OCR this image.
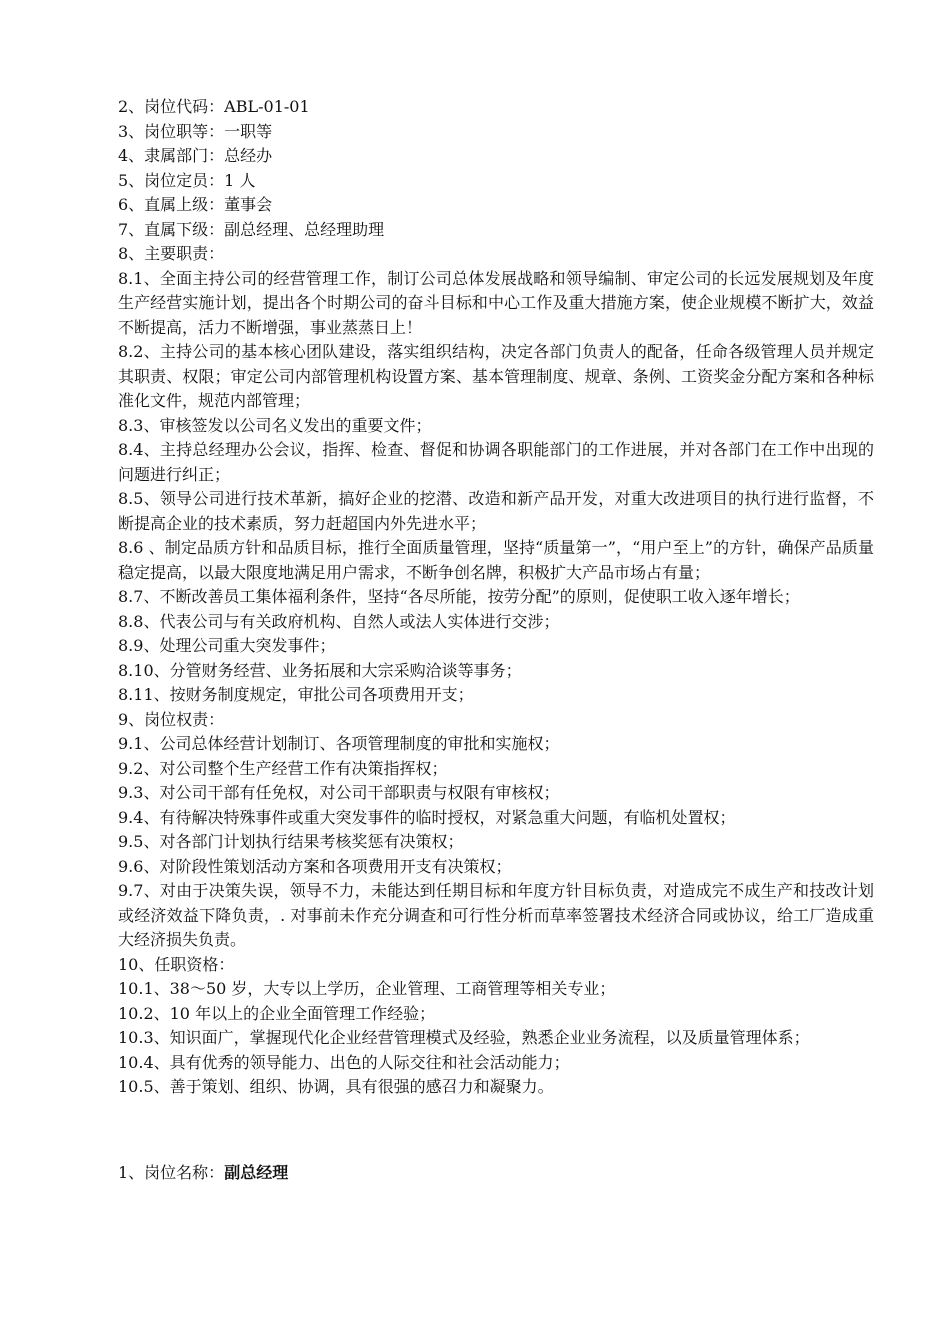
2、岗位代码：ABL-01-01

3、岗位职等：一职等

4、隶属部门：总经办

5、岗位定员：1 人

6、直属上级：董事会

7、直属下级：副总经理、总经理助理

8、主要职责：

8.1、全面主持公司的经营管理工作，制订公司总体发展战略和领导编制、审定公司的长远发展规划及年度生产经营实施计划，提出各个时期公司的奋斗目标和中心工作及重大措施方案，使企业规模不断扩大，效益不断提高，活力不断增强，事业蒸蒸日上！

8.2、主持公司的基本核心团队建设，落实组织结构，决定各部门负责人的配备，任命各级管理人员并规定其职责、权限；审定公司内部管理机构设置方案、基本管理制度、规章、条例、工资奖金分配方案和各种标准化文件，规范内部管理；

8.3、审核签发以公司名义发出的重要文件；

8.4、主持总经理办公会议，指挥、检查、督促和协调各职能部门的工作进展，并对各部门在工作中出现的问题进行纠正；

8.5、领导公司进行技术革新，搞好企业的挖潜、改造和新产品开发，对重大改进项目的执行进行监督，不断提高企业的技术素质，努力赶超国内外先进水平；

8.6 、制定品质方针和品质目标，推行全面质量管理，坚持“质量第一”，“用户至上”的方针，确保产品质量稳定提高，以最大限度地满足用户需求，不断争创名牌，积极扩大产品市场占有量；

8.7、不断改善员工集体福利条件，坚持“各尽所能，按劳分配”的原则，促使职工收入逐年增长；

8.8、代表公司与有关政府机构、自然人或法人实体进行交涉；

8.9、处理公司重大突发事件；

8.10、分管财务经营、业务拓展和大宗采购洽谈等事务；

8.11、按财务制度规定，审批公司各项费用开支；

9、岗位权责：

9.1、公司总体经营计划制订、各项管理制度的审批和实施权；

9.2、对公司整个生产经营工作有决策指挥权；

9.3、对公司干部有任免权，对公司干部职责与权限有审核权；

9.4、有待解决特殊事件或重大突发事件的临时授权，对紧急重大问题，有临机处置权；

9.5、对各部门计划执行结果考核奖惩有决策权；

9.6、对阶段性策划活动方案和各项费用开支有决策权；

9.7、对由于决策失误，领导不力，未能达到任期目标和年度方针目标负责，对造成完不成生产和技改计划或经济效益下降负责，. 对事前未作充分调查和可行性分析而草率签署技术经济合同或协议，给工厂造成重大经济损失负责。

10、任职资格：

10.1、38～50 岁，大专以上学历，企业管理、工商管理等相关专业；

10.2、10 年以上的企业全面管理工作经验；

10.3、知识面广，掌握现代化企业经营管理模式及经验，熟悉企业业务流程，以及质量管理体系；

10.4、具有优秀的领导能力、出色的人际交往和社会活动能力；

10.5、善于策划、组织、协调，具有很强的感召力和凝聚力。

1、岗位名称：副总经理
